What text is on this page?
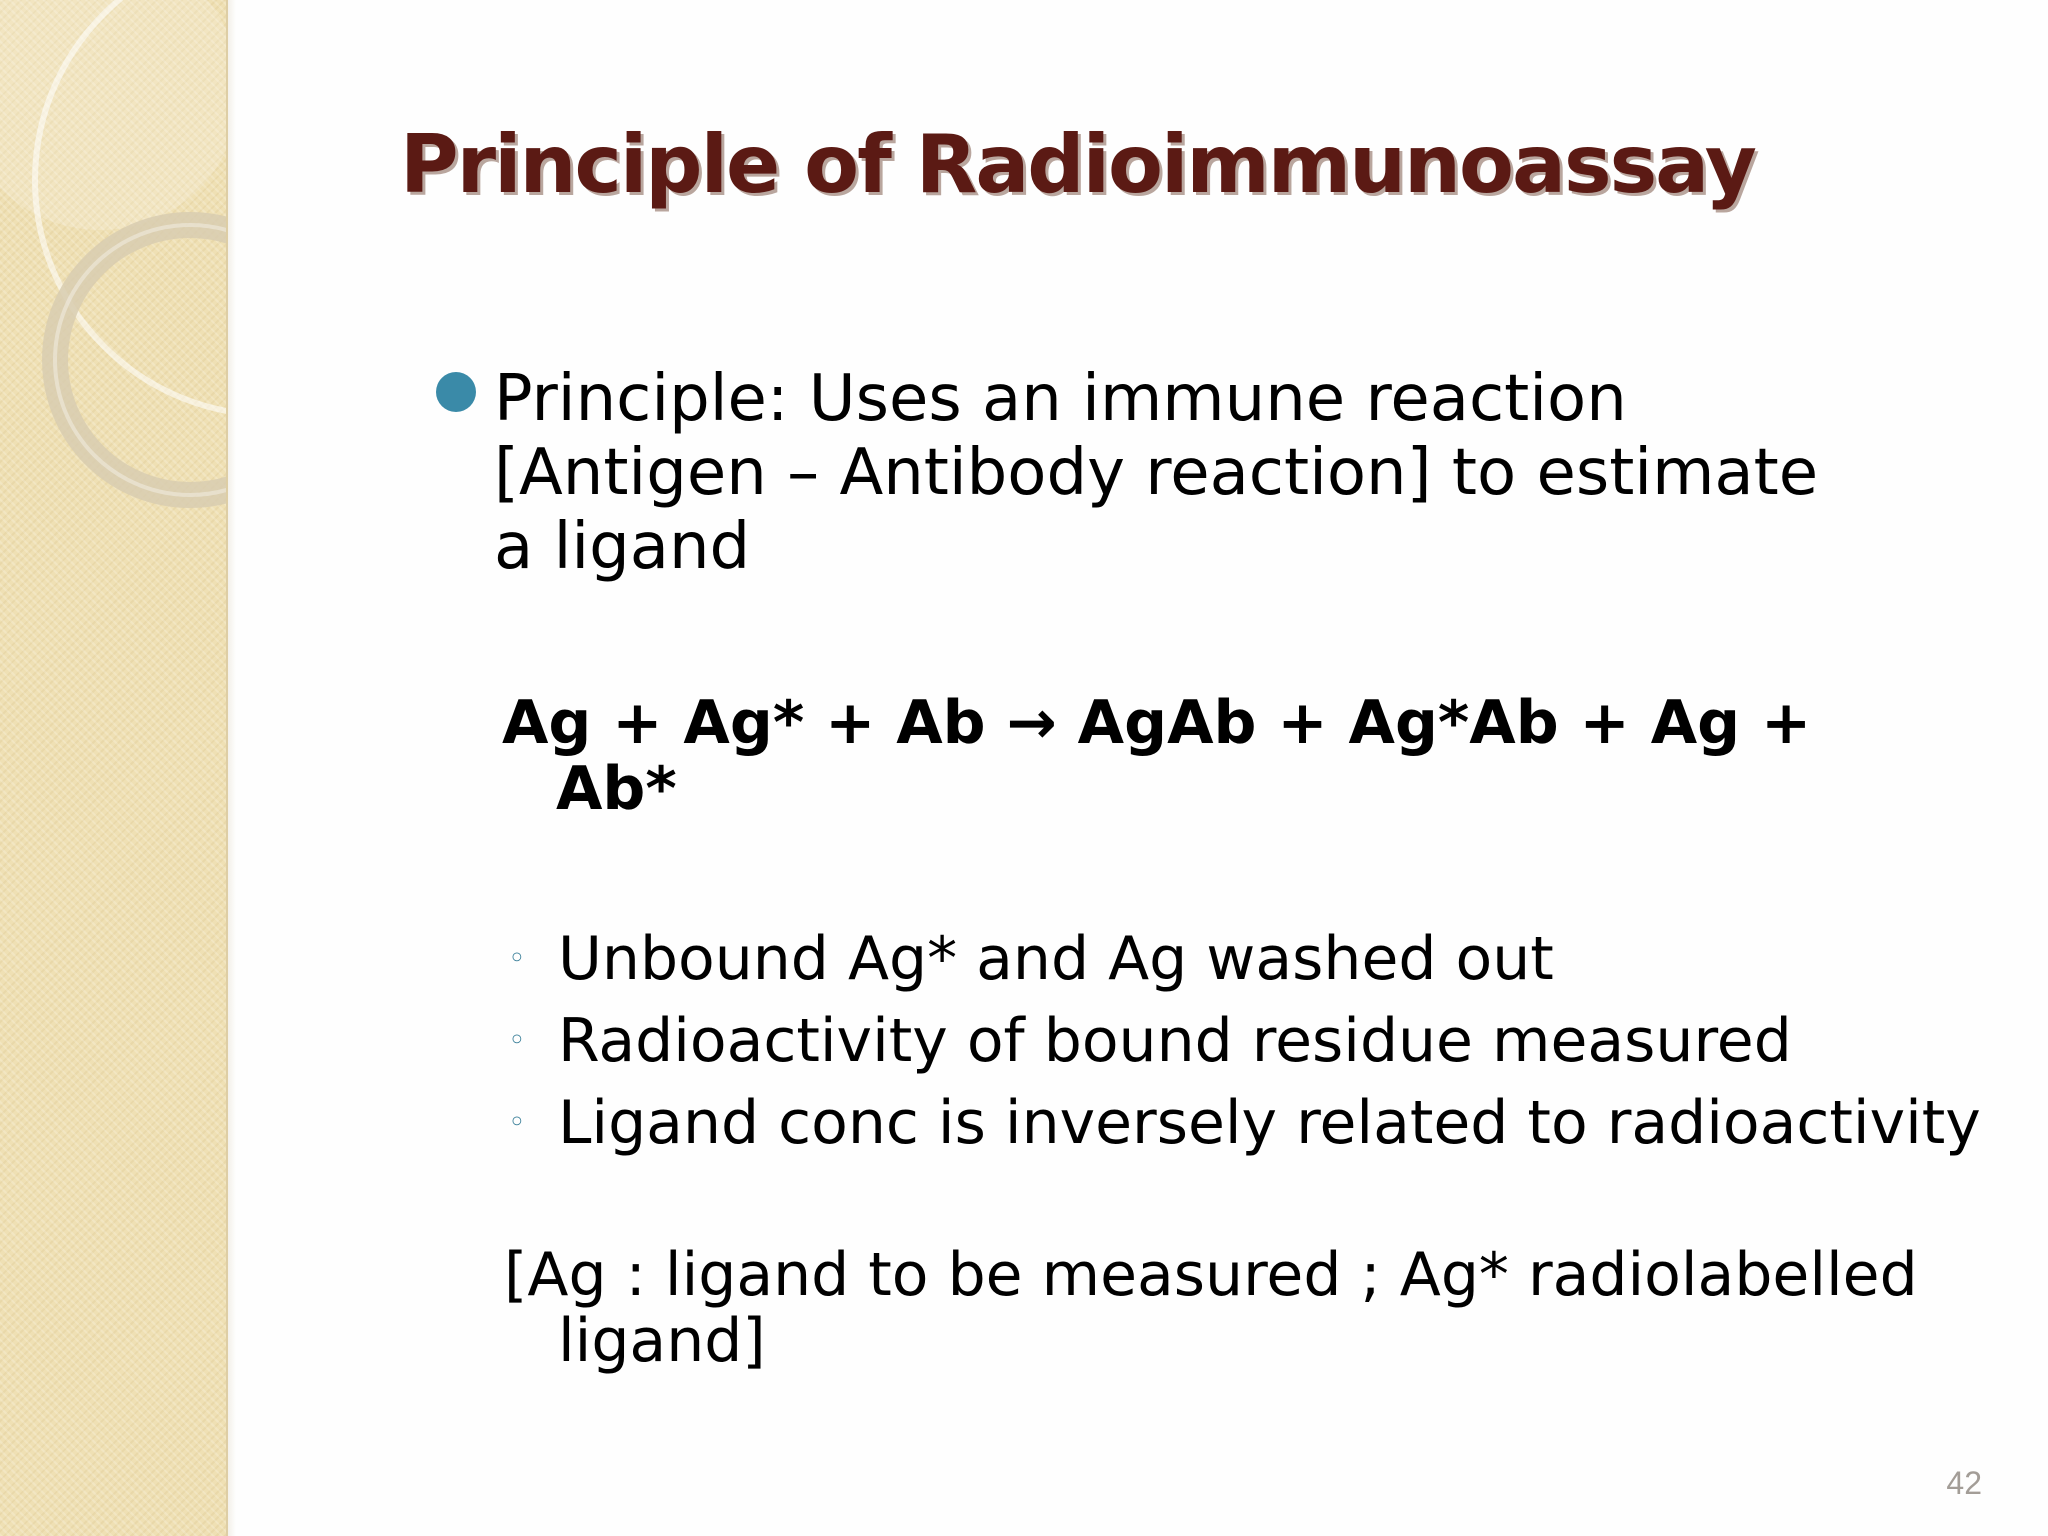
Principle of Radioimmunoassay
Principle: Uses an immune reaction [Antigen – Antibody reaction] to estimate a ligand
Ag + Ag* + Ab → AgAb + Ag*Ab + Ag + Ab*
◦ Unbound Ag* and Ag washed out
◦ Radioactivity of bound residue measured
◦ Ligand conc is inversely related to radioactivity
[Ag : ligand to be measured ; Ag* radiolabelled ligand]
42
